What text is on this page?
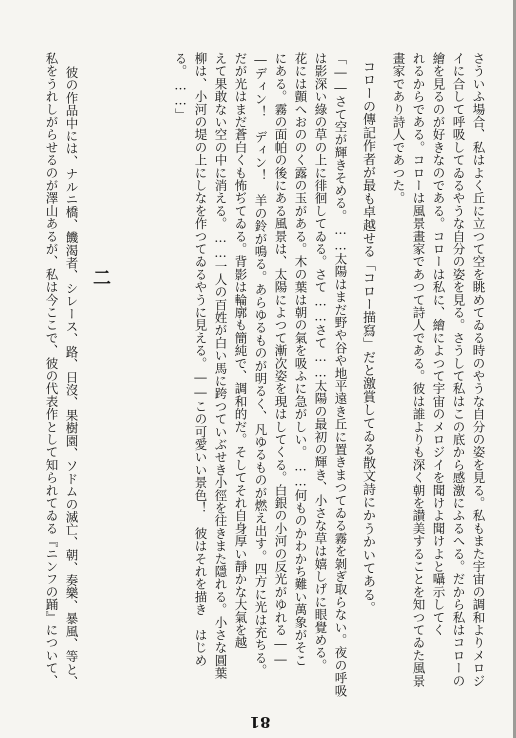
さういふ場合、私はよく丘に立つて空を眺めてゐる時のやうな自分の姿を見る。私もまた宇宙の調和よりメロジ
イに合して呼吸してゐるやうな自分の姿を見る。さうして私はこの底から感激にふるへる。だから私はコローの
繪を見るのが好きなのである。コローは私に、繪によつて宇宙のメロジイを聞けよ聞けよと囁示してく
れるからである。コローは風景畫家であつて詩人である。彼は誰よりも深く朝を讃美することを知つてゐた風景
畫家であり詩人であつた。
コローの傳記作者が最も卓越せる「コロー描寫」だと激賞してゐる散文詩にかうかいてある。
「――さて空が輝きそめる。……太陽はまだ野や谷や地平遠き丘に置きまつてゐる霧を剝ぎ取らない。夜の呼吸
は影深い綠の草の上に徘徊してゐる。さて……さて……太陽の最初の輝き、小さな草は嬉しげに眼覺める。
花には顫へおののく露の玉がある。木の葉は朝の氣を吸ふに急がしい。……何ものかわかち難い萬象がそこ
にある。霧の面帕の後にある風景は、太陽によつて漸次姿を現はしてくる。白銀の小河の反光がゆれる――
―ディン！　ディン！　羊の鈴が鳴る。あらゆるものが明るく、凡ゆるものが燃え出す。四方に光は充ちる。
だが光はまだ蒼白くも怖ぢてゐる。背影は輪廓も簡純で、調和的だ。そしてそれ自身厚い靜かな大氣を越
えて果敢ない空の中に消える。……一人の百姓が白い馬に跨つていぶせき小徑を往きまた隱れる。小さな圓葉
柳は、小河の堤の上にしなを作つてゐるやうに見える。――この可愛いい景色！　彼はそれを描き　はじめ
る。……」
二
彼の作品中には、ナルニ橋、饑渴者、シレース、路、日沒、果樹園、ソドムの滅亡、朝、奏樂、暴風、等と、
私をうれしがらせるのが澤山あるが、私は今ここで、彼の代表作として知られてゐる『ニンフの踊』について、
81
